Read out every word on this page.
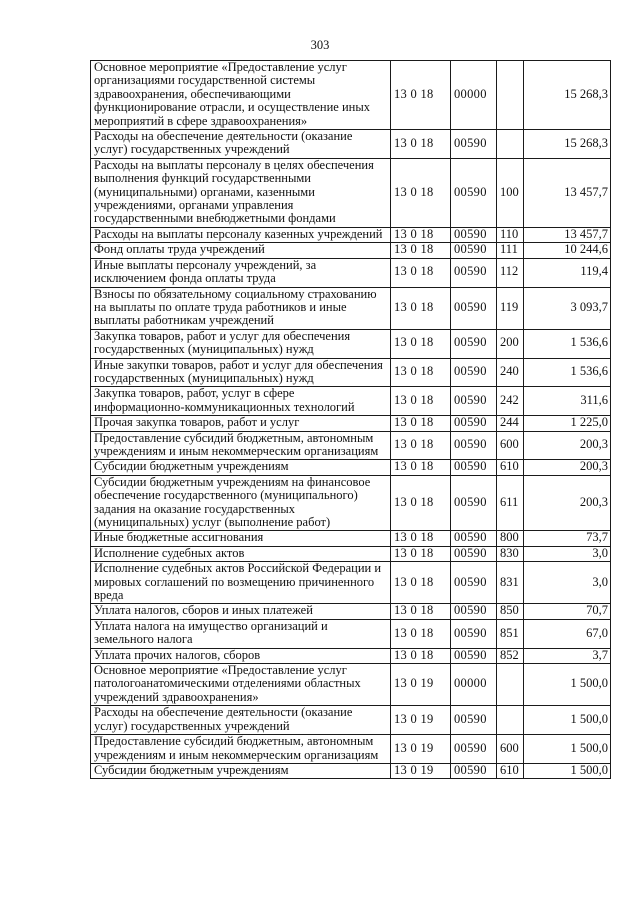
303
Основное мероприятие «Предоставление услуг организациями государственной системы здравоохранения, обеспечивающими функционирование отрасли, и осуществление иных мероприятий в сфере здравоохранения»	13 0 18	00000		15 268,3
Расходы на обеспечение деятельности (оказание услуг) государственных учреждений	13 0 18	00590		15 268,3
Расходы на выплаты персоналу в целях обеспечения выполнения функций государственными (муниципальными) органами, казенными учреждениями, органами управления государственными внебюджетными фондами	13 0 18	00590	100	13 457,7
Расходы на выплаты персоналу казенных учреждений	13 0 18	00590	110	13 457,7
Фонд оплаты труда учреждений	13 0 18	00590	111	10 244,6
Иные выплаты персоналу учреждений, за исключением фонда оплаты труда	13 0 18	00590	112	119,4
Взносы по обязательному социальному страхованию на выплаты по оплате труда работников и иные выплаты работникам учреждений	13 0 18	00590	119	3 093,7
Закупка товаров, работ и услуг для обеспечения государственных (муниципальных) нужд	13 0 18	00590	200	1 536,6
Иные закупки товаров, работ и услуг для обеспечения государственных (муниципальных) нужд	13 0 18	00590	240	1 536,6
Закупка товаров, работ, услуг в сфере информационно-коммуникационных технологий	13 0 18	00590	242	311,6
Прочая закупка товаров, работ и услуг	13 0 18	00590	244	1 225,0
Предоставление субсидий бюджетным, автономным учреждениям и иным некоммерческим организациям	13 0 18	00590	600	200,3
Субсидии бюджетным учреждениям	13 0 18	00590	610	200,3
Субсидии бюджетным учреждениям на финансовое обеспечение государственного (муниципального) задания на оказание государственных (муниципальных) услуг (выполнение работ)	13 0 18	00590	611	200,3
Иные бюджетные ассигнования	13 0 18	00590	800	73,7
Исполнение судебных актов	13 0 18	00590	830	3,0
Исполнение судебных актов Российской Федерации и мировых соглашений по возмещению причиненного вреда	13 0 18	00590	831	3,0
Уплата налогов, сборов и иных платежей	13 0 18	00590	850	70,7
Уплата налога на имущество организаций и земельного налога	13 0 18	00590	851	67,0
Уплата прочих налогов, сборов	13 0 18	00590	852	3,7
Основное мероприятие «Предоставление услуг патологоанатомическими отделениями областных учреждений здравоохранения»	13 0 19	00000		1 500,0
Расходы на обеспечение деятельности (оказание услуг) государственных учреждений	13 0 19	00590		1 500,0
Предоставление субсидий бюджетным, автономным учреждениям и иным некоммерческим организациям	13 0 19	00590	600	1 500,0
Субсидии бюджетным учреждениям	13 0 19	00590	610	1 500,0
